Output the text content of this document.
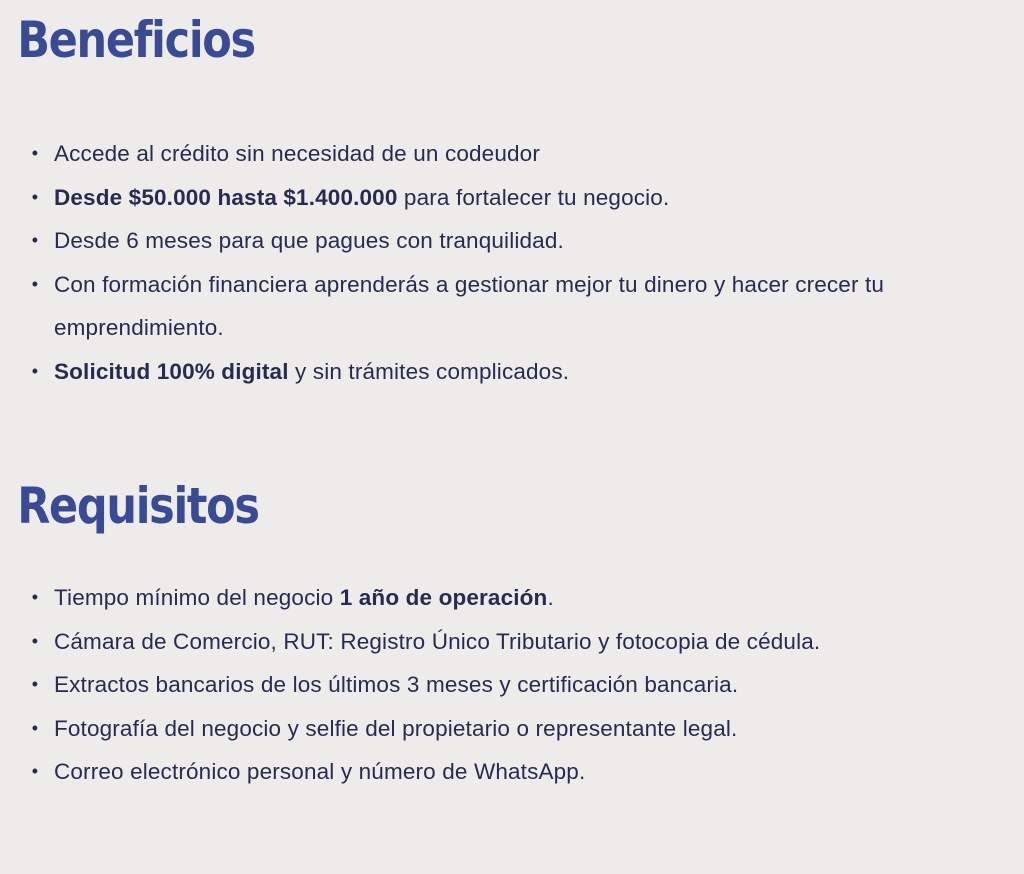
Beneficios
• Accede al crédito sin necesidad de un codeudor
• Desde $50.000 hasta $1.400.000 para fortalecer tu negocio.
• Desde 6 meses para que pagues con tranquilidad.
• Con formación financiera aprenderás a gestionar mejor tu dinero y hacer crecer tu emprendimiento.
• Solicitud 100% digital y sin trámites complicados.
Requisitos
• Tiempo mínimo del negocio 1 año de operación.
• Cámara de Comercio, RUT: Registro Único Tributario y fotocopia de cédula.
• Extractos bancarios de los últimos 3 meses y certificación bancaria.
• Fotografía del negocio y selfie del propietario o representante legal.
• Correo electrónico personal y número de WhatsApp.
